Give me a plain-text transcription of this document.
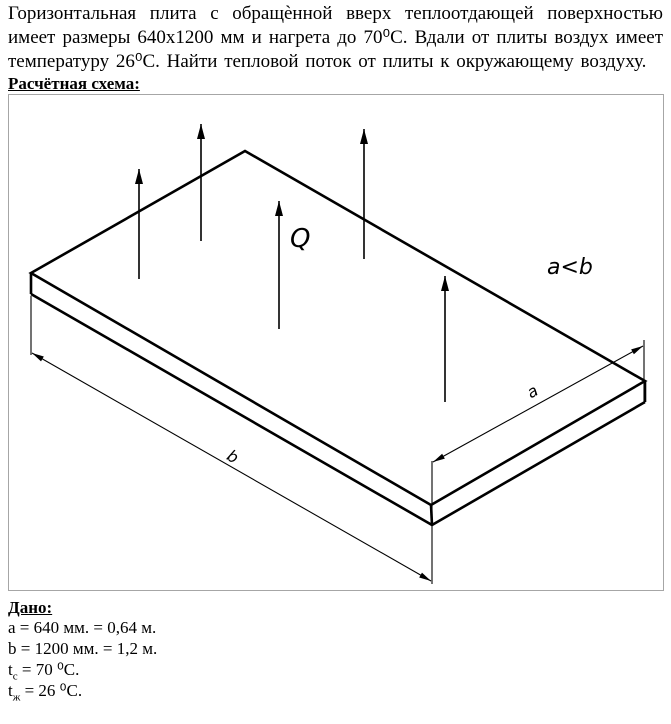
Горизонтальная плита с обращѐнной вверх теплоотдающей поверхностью имеет размеры 640х1200 мм и нагрета до 70⁰С. Вдали от плиты воздух имеет температуру 26⁰С. Найти тепловой поток от плиты к окружающему воздуху.

Расчётная схема:
Q
a<b
b
a
Дано:
a = 640 мм. = 0,64 м.
b = 1200 мм. = 1,2 м.
$t_с = 70$ ⁰С.
$t_ж = 26$ ⁰С.
